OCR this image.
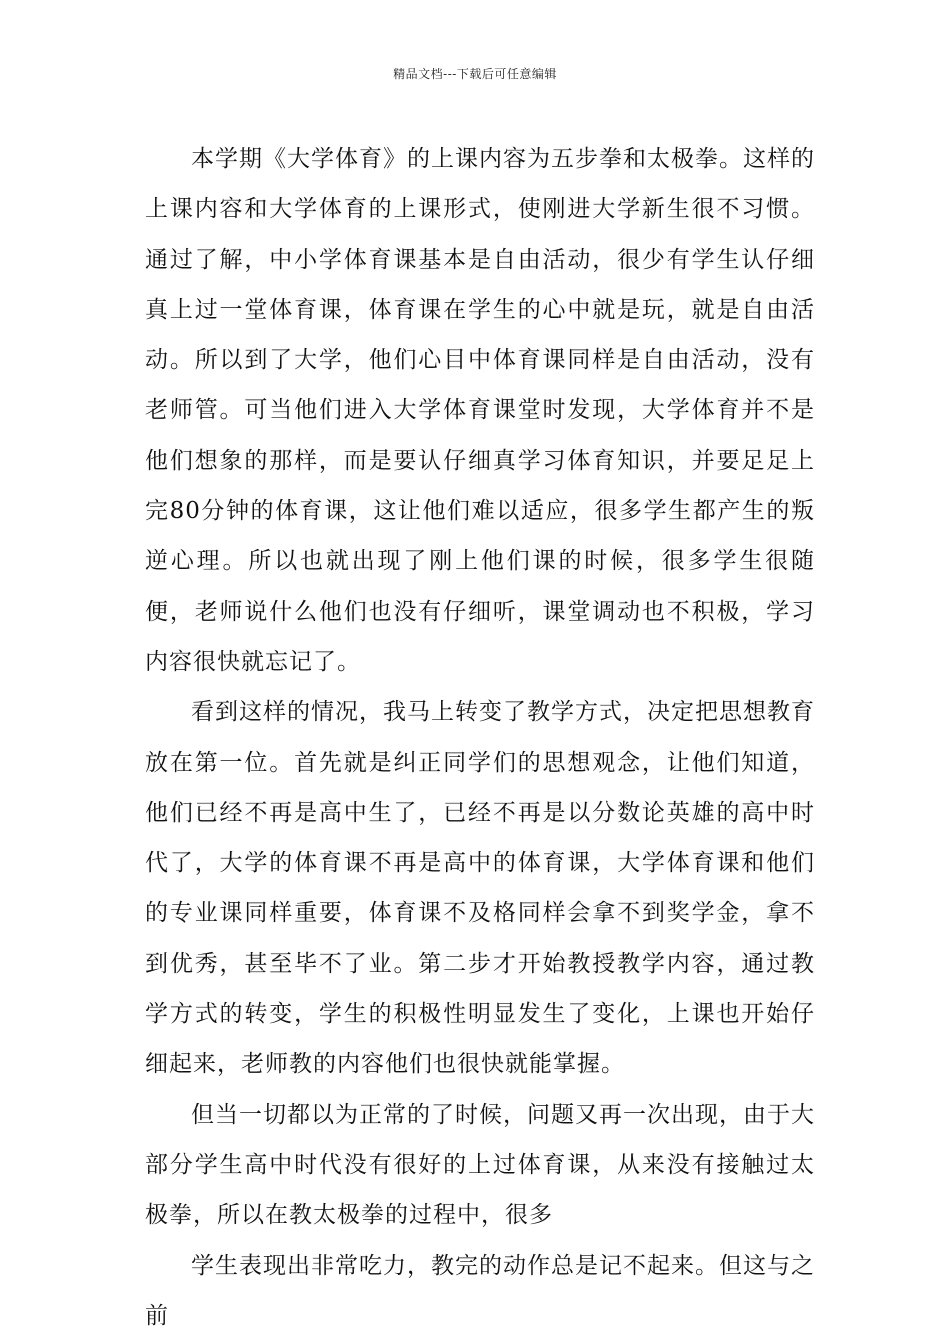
精品文档---下载后可任意编辑

本学期《大学体育》的上课内容为五步拳和太极拳。这样的上课内容和大学体育的上课形式，使刚进大学新生很不习惯。通过了解，中小学体育课基本是自由活动，很少有学生认仔细真上过一堂体育课，体育课在学生的心中就是玩，就是自由活动。所以到了大学，他们心目中体育课同样是自由活动，没有老师管。可当他们进入大学体育课堂时发现，大学体育并不是他们想象的那样，而是要认仔细真学习体育知识，并要足足上完80分钟的体育课，这让他们难以适应，很多学生都产生的叛逆心理。所以也就出现了刚上他们课的时候，很多学生很随便，老师说什么他们也没有仔细听，课堂调动也不积极，学习内容很快就忘记了。

看到这样的情况，我马上转变了教学方式，决定把思想教育放在第一位。首先就是纠正同学们的思想观念，让他们知道，他们已经不再是高中生了，已经不再是以分数论英雄的高中时代了，大学的体育课不再是高中的体育课，大学体育课和他们的专业课同样重要，体育课不及格同样会拿不到奖学金，拿不到优秀，甚至毕不了业。第二步才开始教授教学内容，通过教学方式的转变，学生的积极性明显发生了变化，上课也开始仔细起来，老师教的内容他们也很快就能掌握。

但当一切都以为正常的了时候，问题又再一次出现，由于大部分学生高中时代没有很好的上过体育课，从来没有接触过太极拳，所以在教太极拳的过程中，很多

学生表现出非常吃力，教完的动作总是记不起来。但这与之前
